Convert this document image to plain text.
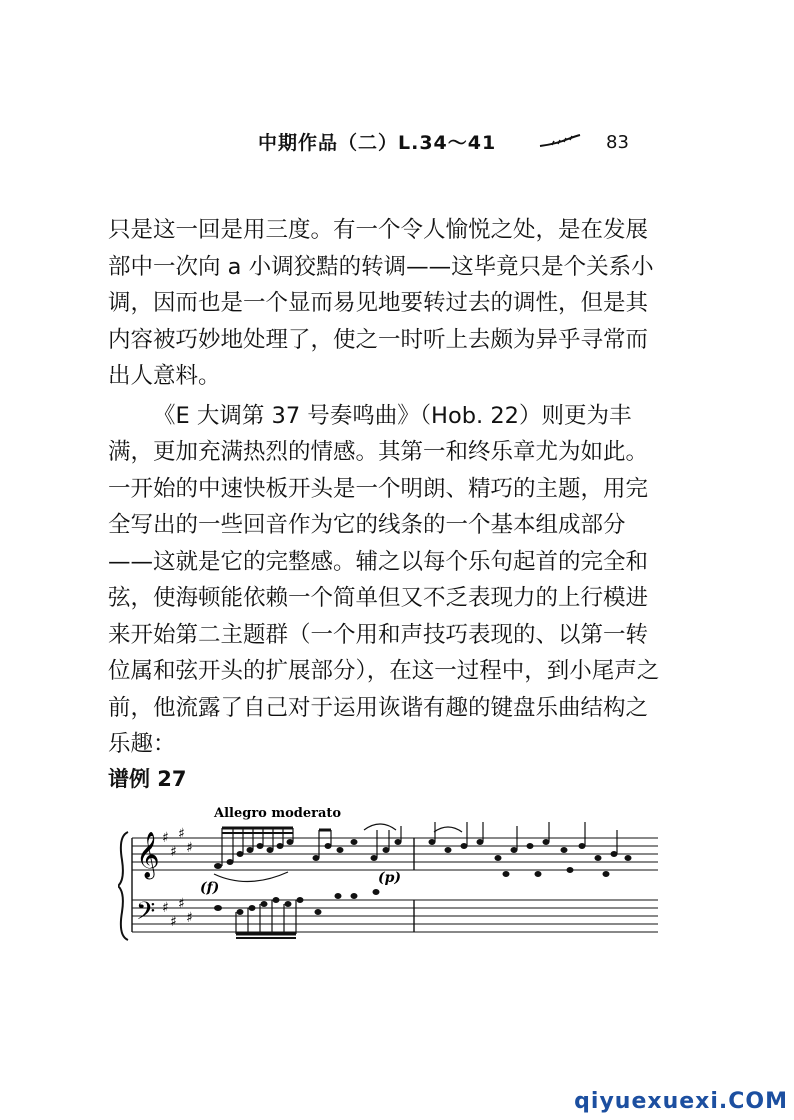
中期作品（二）L.34～41	83

只是这一回是用三度。有一个令人愉悦之处，是在发展部中一次向 a 小调狡黠的转调——这毕竟只是个关系小调，因而也是一个显而易见地要转过去的调性，但是其内容被巧妙地处理了，使之一时听上去颇为异乎寻常而出人意料。

《E 大调第 37 号奏鸣曲》（Hob. 22）则更为丰满，更加充满热烈的情感。其第一和终乐章尤为如此。一开始的中速快板开头是一个明朗、精巧的主题，用完全写出的一些回音作为它的线条的一个基本组成部分——这就是它的完整感。辅之以每个乐句起首的完全和弦，使海顿能依赖一个简单但又不乏表现力的上行模进来开始第二主题群（一个用和声技巧表现的、以第一转位属和弦开头的扩展部分），在这一过程中，到小尾声之前，他流露了自己对于运用诙谐有趣的键盘乐曲结构之乐趣：

谱例 27
Allegro moderato
𝄞
𝄢
♯
♯
♯
♯
♯
♯
♯
♯
(f)
(p)
qiyuexuexi.COM
